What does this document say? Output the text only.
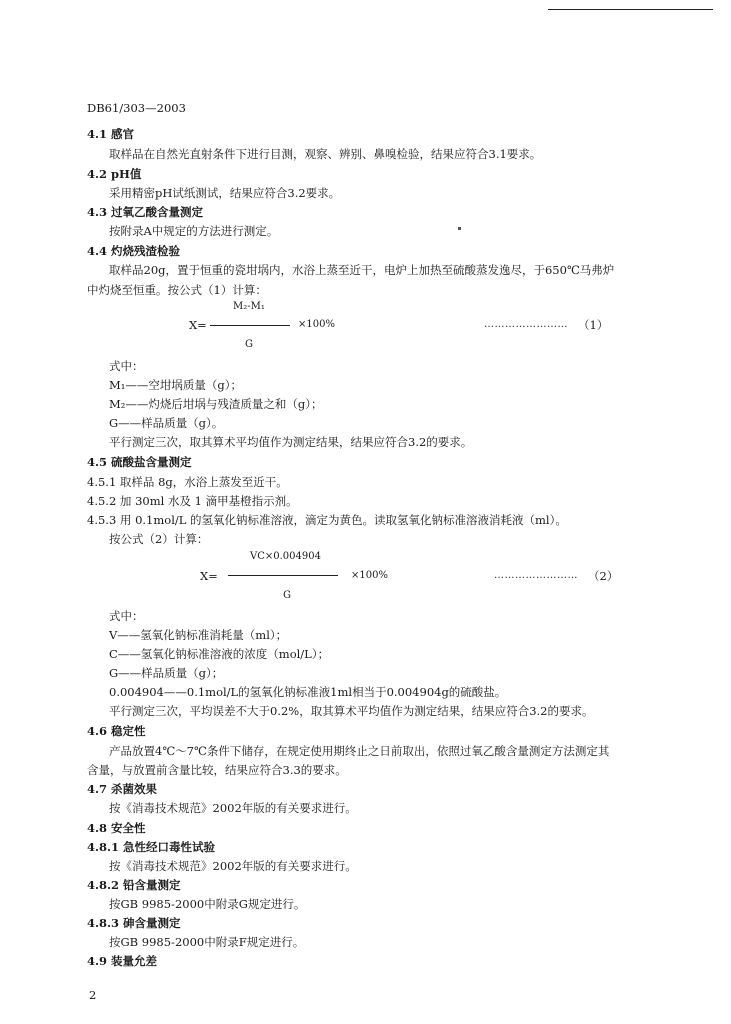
DB61/303—2003
4.1 感官
取样品在自然光直射条件下进行目测，观察、辨别、鼻嗅检验，结果应符合3.1要求。
4.2 pH值
采用精密pH试纸测试，结果应符合3.2要求。
4.3 过氧乙酸含量测定
按附录A中规定的方法进行测定。
4.4 灼烧残渣检验
取样品20g，置于恒重的瓷坩埚内，水浴上蒸至近干，电炉上加热至硫酸蒸发逸尽，于650℃马弗炉
中灼烧至恒重。按公式（1）计算：
M₂-M₁
X=	×100%	…………………… （1）
G
式中：
M₁——空坩埚质量（g）；
M₂——灼烧后坩埚与残渣质量之和（g）；
G——样品质量（g）。
平行测定三次，取其算术平均值作为测定结果，结果应符合3.2的要求。
4.5 硫酸盐含量测定
4.5.1 取样品 8g，水浴上蒸发至近干。
4.5.2 加 30ml 水及 1 滴甲基橙指示剂。
4.5.3 用 0.1mol/L 的氢氧化钠标准溶液，滴定为黄色。读取氢氧化钠标准溶液消耗液（ml）。
按公式（2）计算：
VC×0.004904
X=	×100%	…………………… （2）
G
式中：
V——氢氧化钠标准消耗量（ml）；
C——氢氧化钠标准溶液的浓度（mol/L）；
G——样品质量（g）；
0.004904——0.1mol/L的氢氧化钠标准液1ml相当于0.004904g的硫酸盐。
平行测定三次，平均误差不大于0.2%，取其算术平均值作为测定结果，结果应符合3.2的要求。
4.6 稳定性
产品放置4℃～7℃条件下储存，在规定使用期终止之日前取出，依照过氧乙酸含量测定方法测定其
含量，与放置前含量比较，结果应符合3.3的要求。
4.7 杀菌效果
按《消毒技术规范》2002年版的有关要求进行。
4.8 安全性
4.8.1 急性经口毒性试验
按《消毒技术规范》2002年版的有关要求进行。
4.8.2 铅含量测定
按GB 9985-2000中附录G规定进行。
4.8.3 砷含量测定
按GB 9985-2000中附录F规定进行。
4.9 装量允差
2
